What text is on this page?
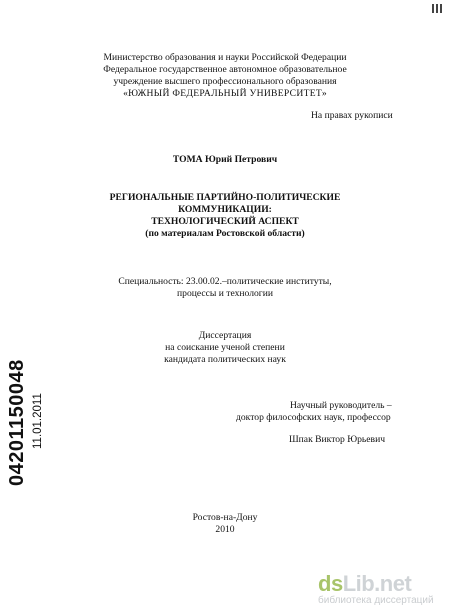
Министерство образования и науки Российской Федерации
Федеральное государственное автономное образовательное
учреждение высшего профессионального образования
«ЮЖНЫЙ ФЕДЕРАЛЬНЫЙ УНИВЕРСИТЕТ»
На правах рукописи
ТОМА Юрий Петрович
РЕГИОНАЛЬНЫЕ ПАРТИЙНО-ПОЛИТИЧЕСКИЕ
КОММУНИКАЦИИ:
ТЕХНОЛОГИЧЕСКИЙ АСПЕКТ
(по материалам Ростовской области)
Специальность: 23.00.02.–политические институты,
процессы и технологии
Диссертация
на соискание ученой степени
кандидата политических наук
Научный руководитель –
доктор философских наук, профессор
Шпак Виктор Юрьевич
Ростов-на-Дону
2010
04201150048 11.01.2011
dsLib.net
библиотека диссертаций
